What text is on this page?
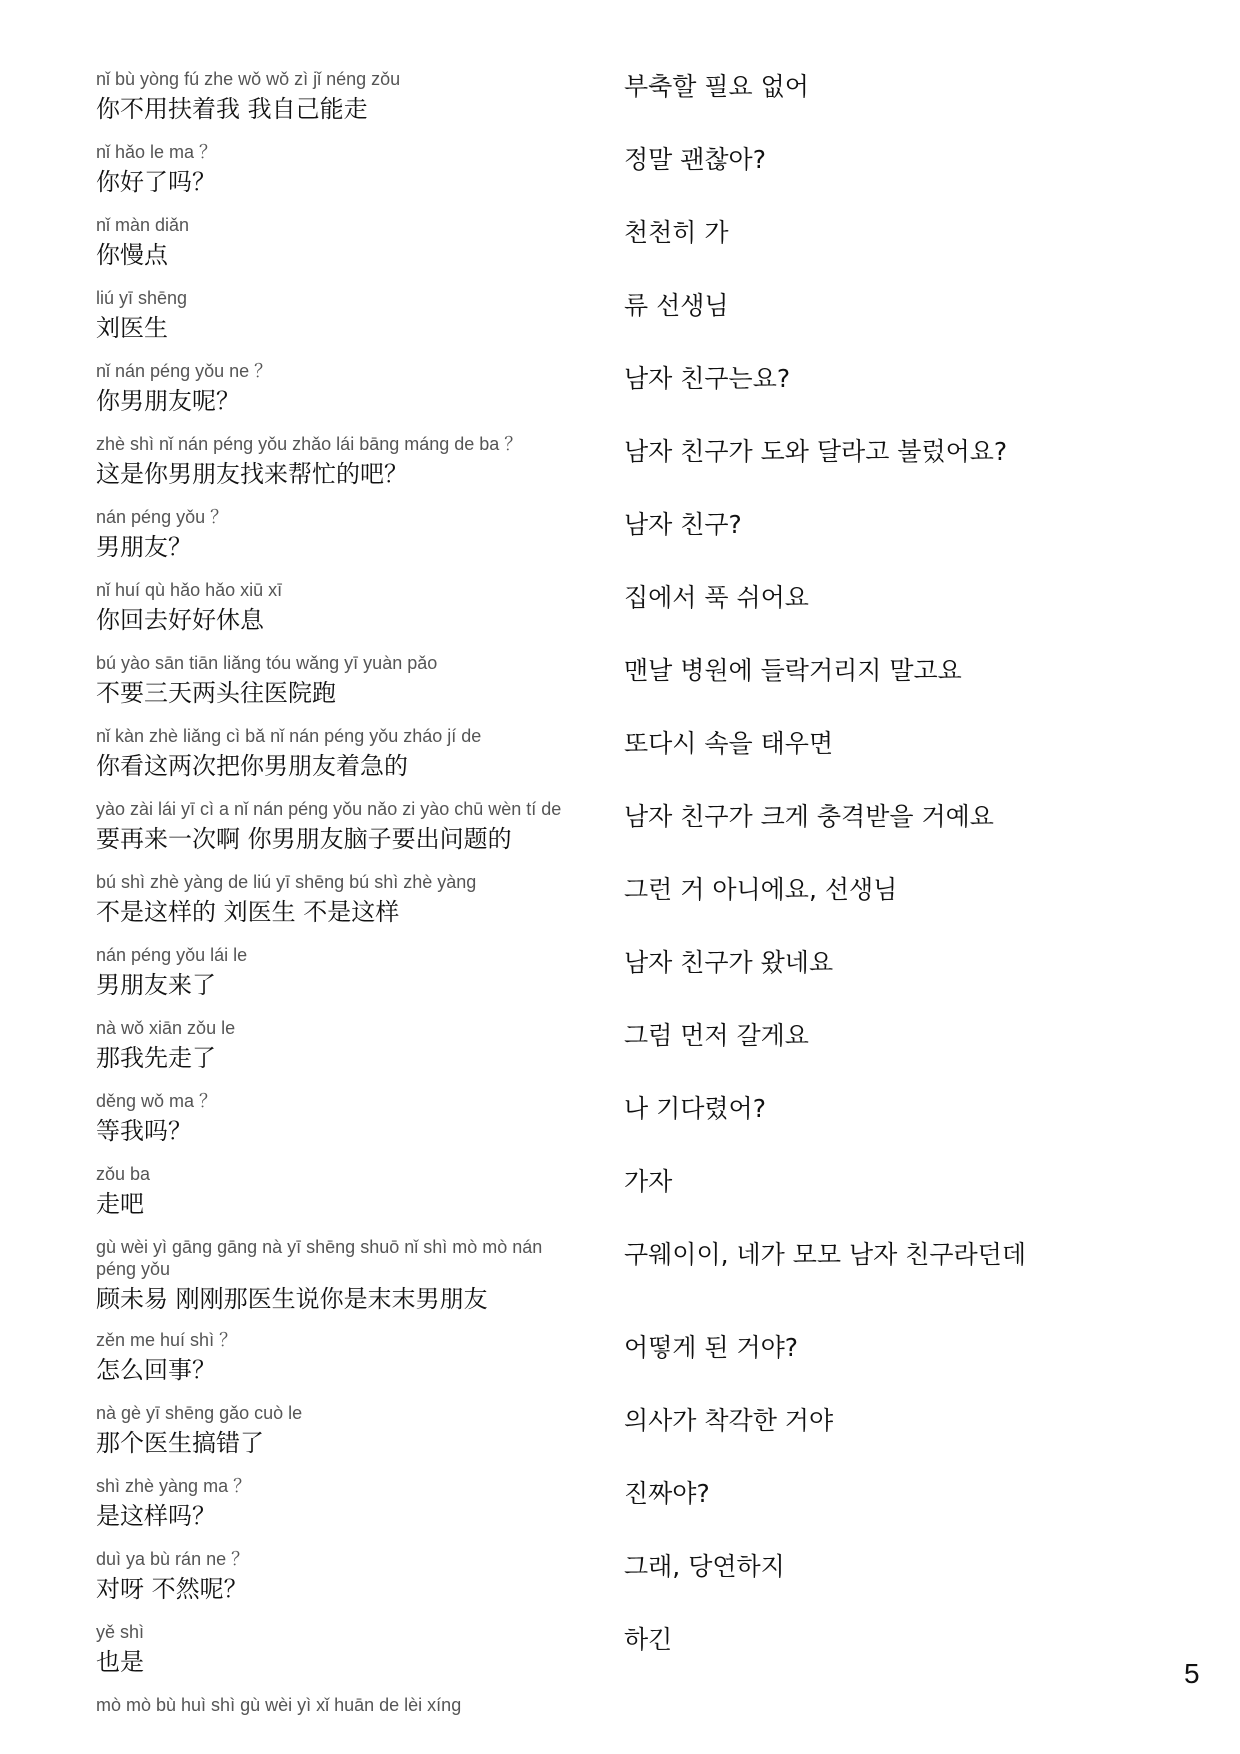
nǐ bù yòng fú zhe wǒ wǒ zì jǐ néng zǒu
你不用扶着我 我自己能走
부축할 필요 없어
nǐ hǎo le ma ？
你好了吗？
정말 괜찮아?
nǐ màn diǎn
你慢点
천천히 가
liú yī shēng
刘医生
류 선생님
nǐ nán péng yǒu ne ？
你男朋友呢？
남자 친구는요?
zhè shì nǐ nán péng yǒu zhǎo lái bāng máng de ba ？
这是你男朋友找来帮忙的吧？
남자 친구가 도와 달라고 불렀어요?
nán péng yǒu ？
男朋友？
남자 친구?
nǐ huí qù hǎo hǎo xiū xī
你回去好好休息
집에서 푹 쉬어요
bú yào sān tiān liǎng tóu wǎng yī yuàn pǎo
不要三天两头往医院跑
맨날 병원에 들락거리지 말고요
nǐ kàn zhè liǎng cì bǎ nǐ nán péng yǒu zháo jí de
你看这两次把你男朋友着急的
또다시 속을 태우면
yào zài lái yī cì a nǐ nán péng yǒu nǎo zi yào chū wèn tí de
要再来一次啊 你男朋友脑子要出问题的
남자 친구가 크게 충격받을 거예요
bú shì zhè yàng de liú yī shēng bú shì zhè yàng
不是这样的 刘医生 不是这样
그런 거 아니에요, 선생님
nán péng yǒu lái le
男朋友来了
남자 친구가 왔네요
nà wǒ xiān zǒu le
那我先走了
그럼 먼저 갈게요
děng wǒ ma ？
等我吗？
나 기다렸어?
zǒu ba
走吧
가자
gù wèi yì gāng gāng nà yī shēng shuō nǐ shì mò mò nán péng yǒu
顾未易 刚刚那医生说你是末末男朋友
구웨이이, 네가 모모 남자 친구라던데
zěn me huí shì ？
怎么回事？
어떻게 된 거야?
nà gè yī shēng gǎo cuò le
那个医生搞错了
의사가 착각한 거야
shì zhè yàng ma ？
是这样吗？
진짜야?
duì ya bù rán ne ？
对呀 不然呢？
그래, 당연하지
yě shì
也是
하긴
mò mò bù huì shì gù wèi yì xǐ huān de lèi xíng
5
